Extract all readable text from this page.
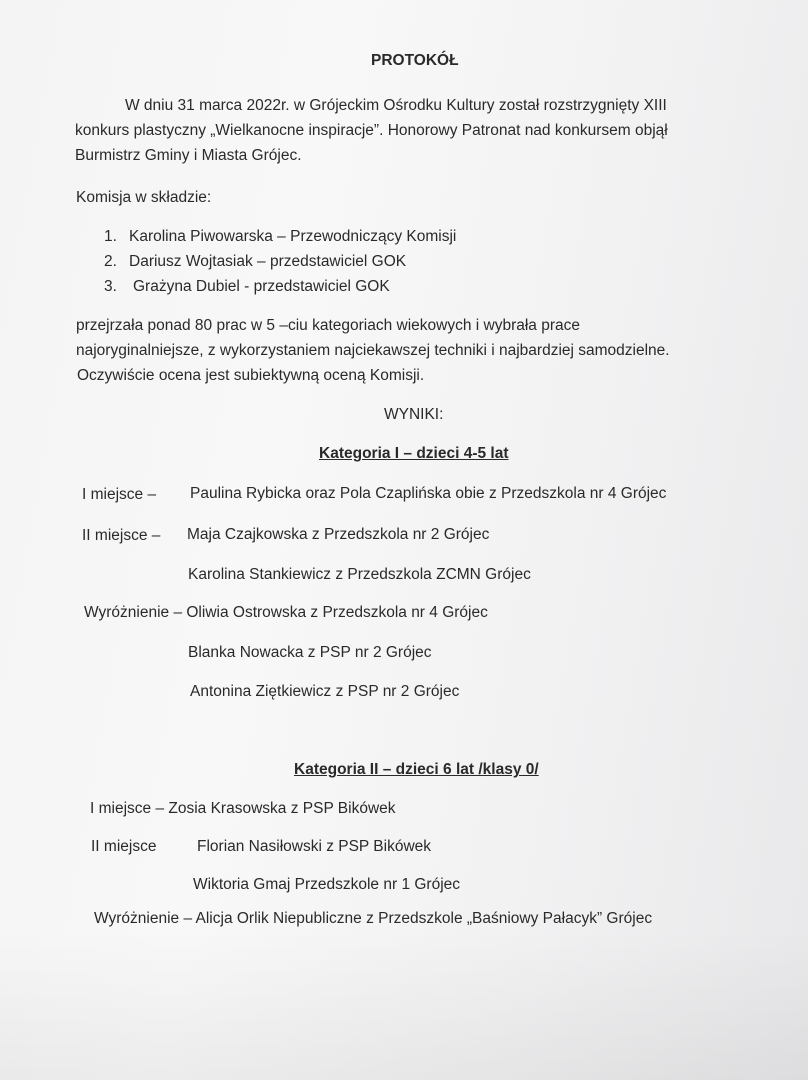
PROTOKÓŁ
W dniu 31 marca 2022r. w Grójeckim Ośrodku Kultury został rozstrzygnięty XIII
konkurs plastyczny „Wielkanocne inspiracje”. Honorowy Patronat nad konkursem objął
Burmistrz Gminy i Miasta Grójec.
Komisja w składzie:
1. Karolina Piwowarska – Przewodniczący Komisji
2. Dariusz Wojtasiak – przedstawiciel GOK
3. Grażyna Dubiel - przedstawiciel GOK
przejrzała ponad 80 prac w 5 –ciu kategoriach wiekowych i wybrała prace
najoryginalniejsze, z wykorzystaniem najciekawszej techniki i najbardziej samodzielne.
Oczywiście ocena jest subiektywną oceną Komisji.
WYNIKI:
Kategoria I – dzieci 4-5 lat
I miejsce – Paulina Rybicka oraz Pola Czaplińska obie z Przedszkola nr 4 Grójec
II miejsce – Maja Czajkowska z Przedszkola nr 2 Grójec
Karolina Stankiewicz z Przedszkola ZCMN Grójec
Wyróżnienie – Oliwia Ostrowska z Przedszkola nr 4 Grójec
Blanka Nowacka z PSP nr 2 Grójec
Antonina Ziętkiewicz z PSP nr 2 Grójec
Kategoria II – dzieci 6 lat /klasy 0/
I miejsce – Zosia Krasowska z PSP Bikówek
II miejsce	Florian Nasiłowski z PSP Bikówek
Wiktoria Gmaj Przedszkole nr 1 Grójec
Wyróżnienie – Alicja Orlik Niepubliczne z Przedszkole „Baśniowy Pałacyk” Grójec
